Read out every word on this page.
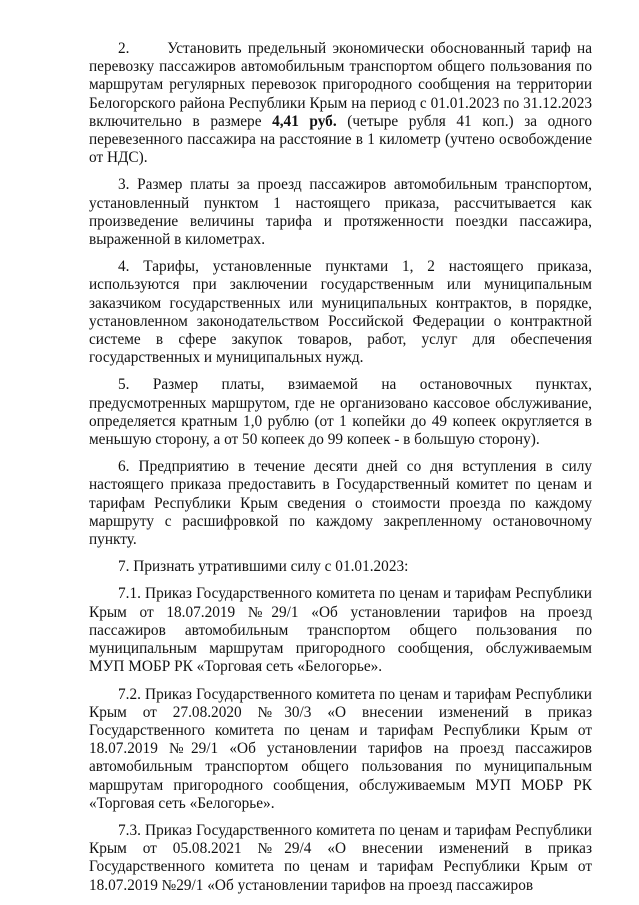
2.      Установить предельный экономически обоснованный тариф на перевозку пассажиров автомобильным транспортом общего пользования по маршрутам регулярных перевозок пригородного сообщения на территории Белогорского района Республики Крым на период с 01.01.2023 по 31.12.2023 включительно в размере 4,41 руб. (четыре рубля 41 коп.) за одного перевезенного пассажира на расстояние в 1 километр (учтено освобождение от НДС).

3. Размер платы за проезд пассажиров автомобильным транспортом, установленный пунктом 1 настоящего приказа, рассчитывается как произведение величины тарифа и протяженности поездки пассажира, выраженной в километрах.

4. Тарифы, установленные пунктами 1, 2 настоящего приказа, используются при заключении государственным или муниципальным заказчиком государственных или муниципальных контрактов, в порядке, установленном законодательством Российской Федерации о контрактной системе в сфере закупок товаров, работ, услуг для обеспечения государственных и муниципальных нужд.

5. Размер платы, взимаемой на остановочных пунктах, предусмотренных маршрутом, где не организовано кассовое обслуживание, определяется кратным 1,0 рублю (от 1 копейки до 49 копеек округляется в меньшую сторону, а от 50 копеек до 99 копеек - в большую сторону).

6. Предприятию в течение десяти дней со дня вступления в силу настоящего приказа предоставить в Государственный комитет по ценам и тарифам Республики Крым сведения о стоимости проезда по каждому маршруту с расшифровкой по каждому закрепленному остановочному пункту.

7. Признать утратившими силу с 01.01.2023:

7.1. Приказ Государственного комитета по ценам и тарифам Республики Крым от 18.07.2019 №29/1 «Об установлении тарифов на проезд пассажиров автомобильным транспортом общего пользования по муниципальным маршрутам пригородного сообщения, обслуживаемым МУП МОБР РК «Торговая сеть «Белогорье».

7.2. Приказ Государственного комитета по ценам и тарифам Республики Крым от 27.08.2020 №30/3 «О внесении изменений в приказ Государственного комитета по ценам и тарифам Республики Крым от 18.07.2019 №29/1 «Об установлении тарифов на проезд пассажиров автомобильным транспортом общего пользования по муниципальным маршрутам пригородного сообщения, обслуживаемым МУП МОБР РК «Торговая сеть «Белогорье».

7.3. Приказ Государственного комитета по ценам и тарифам Республики Крым от 05.08.2021 №29/4 «О внесении изменений в приказ Государственного комитета по ценам и тарифам Республики Крым от 18.07.2019 №29/1 «Об установлении тарифов на проезд пассажиров
